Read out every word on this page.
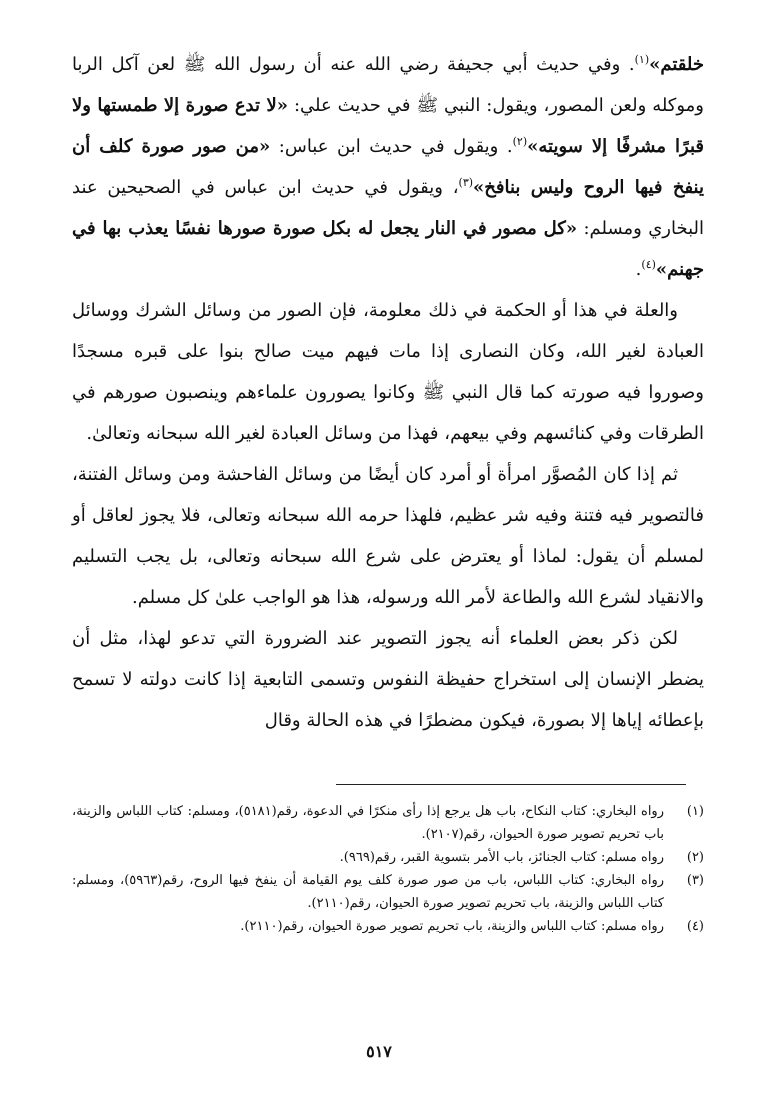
خلقتم»$^{(١)}$. وفي حديث أبي جحيفة رضي الله عنه أن رسول الله ﷺ لعن آكل الربا وموكله ولعن المصور، ويقول: النبي ﷺ في حديث علي: «لا تدع صورة إلا طمستها ولا قبرًا مشرفًا إلا سويته»$^{(٢)}$. ويقول في حديث ابن عباس: «من صور صورة كلف أن ينفخ فيها الروح وليس بنافخ»$^{(٣)}$، ويقول في حديث ابن عباس في الصحيحين عند البخاري ومسلم: «كل مصور في النار يجعل له بكل صورة صورها نفسًا يعذب بها في جهنم»$^{(٤)}$.

والعلة في هذا أو الحكمة في ذلك معلومة، فإن الصور من وسائل الشرك ووسائل العبادة لغير الله، وكان النصارى إذا مات فيهم ميت صالح بنوا على قبره مسجدًا وصوروا فيه صورته كما قال النبي ﷺ وكانوا يصورون علماءهم وينصبون صورهم في الطرقات وفي كنائسهم وفي بيعهم، فهذا من وسائل العبادة لغير الله سبحانه وتعالىٰ.

ثم إذا كان المُصوَّر امرأة أو أمرد كان أيضًا من وسائل الفاحشة ومن وسائل الفتنة، فالتصوير فيه فتنة وفيه شر عظيم، فلهذا حرمه الله سبحانه وتعالى، فلا يجوز لعاقل أو لمسلم أن يقول: لماذا أو يعترض على شرع الله سبحانه وتعالى، بل يجب التسليم والانقياد لشرع الله والطاعة لأمر الله ورسوله، هذا هو الواجب علىٰ كل مسلم.

لكن ذكر بعض العلماء أنه يجوز التصوير عند الضرورة التي تدعو لهذا، مثل أن يضطر الإنسان إلى استخراج حفيظة النفوس وتسمى التابعية إذا كانت دولته لا تسمح بإعطائه إياها إلا بصورة، فيكون مضطرًا في هذه الحالة وقال

(١)
رواه البخاري: كتاب النكاح، باب هل يرجع إذا رأى منكرًا في الدعوة، رقم(٥١٨١)، ومسلم: كتاب اللباس والزينة، باب تحريم تصوير صورة الحيوان، رقم(٢١٠٧).
(٢)
رواه مسلم: كتاب الجنائز، باب الأمر بتسوية القبر، رقم(٩٦٩).
(٣)
رواه البخاري: كتاب اللباس، باب من صور صورة كلف يوم القيامة أن ينفخ فيها الروح، رقم(٥٩٦٣)، ومسلم: كتاب اللباس والزينة، باب تحريم تصوير صورة الحيوان، رقم(٢١١٠).
(٤)
رواه مسلم: كتاب اللباس والزينة، باب تحريم تصوير صورة الحيوان، رقم(٢١١٠).
٥١٧
